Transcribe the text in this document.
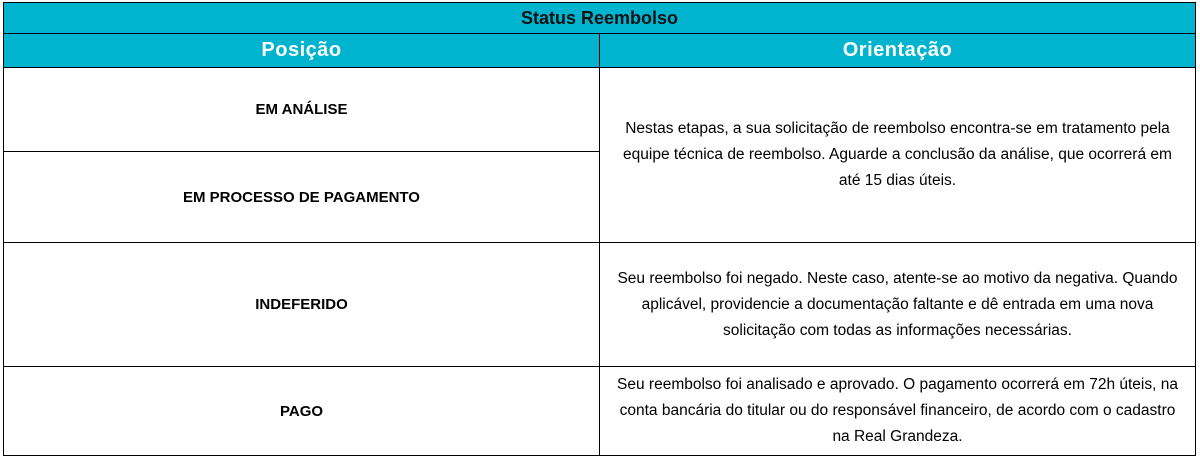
Status Reembolso	
Posição	Orientação
EM ANÁLISE	Nestas etapas, a sua solicitação de reembolso encontra-se em tratamento pela equipe técnica de reembolso. Aguarde a conclusão da análise, que ocorrerá em até 15 dias úteis.
EM PROCESSO DE PAGAMENTO	
INDEFERIDO	Seu reembolso foi negado. Neste caso, atente-se ao motivo da negativa. Quando aplicável, providencie a documentação faltante e dê entrada em uma nova solicitação com todas as informações necessárias.
PAGO	Seu reembolso foi analisado e aprovado. O pagamento ocorrerá em 72h úteis, na conta bancária do titular ou do responsável financeiro, de acordo com o cadastro na Real Grandeza.
